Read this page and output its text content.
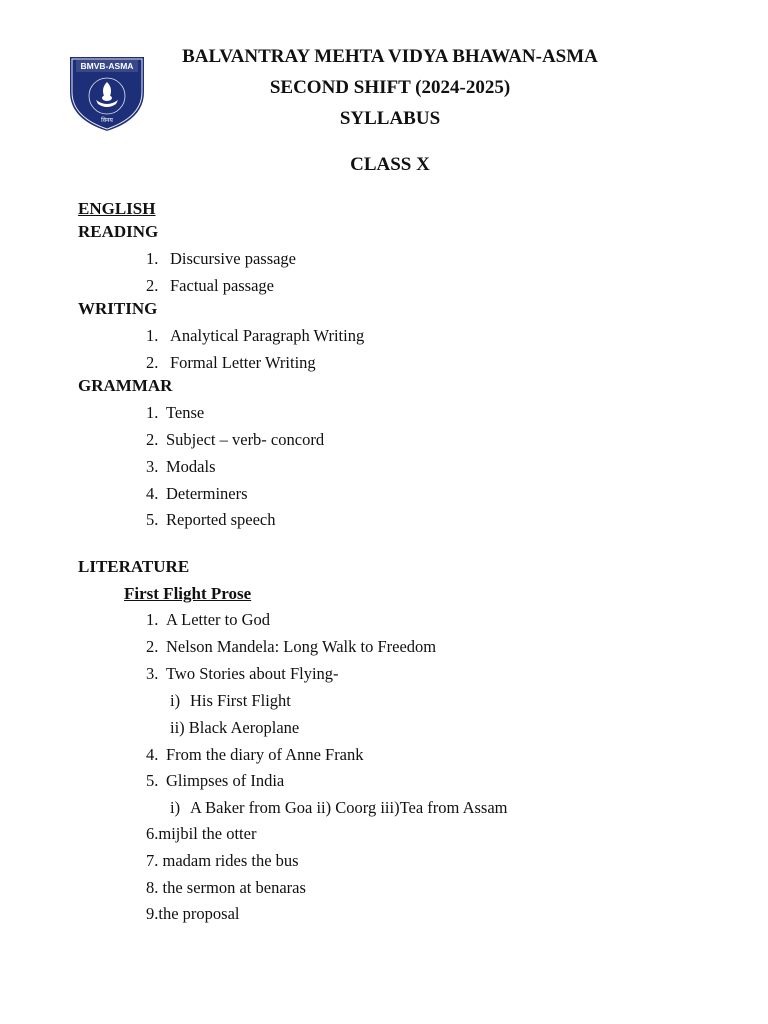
BMVB-ASMA
विनय
BALVANTRAY MEHTA VIDYA BHAWAN-ASMA
SECOND SHIFT (2024-2025)
SYLLABUS
CLASS X
ENGLISH
READING
1. Discursive passage
2. Factual passage
WRITING
1. Analytical Paragraph Writing
2. Formal Letter Writing
GRAMMAR
1. Tense
2. Subject – verb- concord
3. Modals
4. Determiners
5. Reported speech
LITERATURE
First Flight Prose
1. A Letter to God
2. Nelson Mandela: Long Walk to Freedom
3. Two Stories about Flying-
i) His First Flight
ii) Black Aeroplane
4. From the diary of Anne Frank
5. Glimpses of India
i) A Baker from Goa ii) Coorg iii)Tea from Assam
6.mijbil the otter
7. madam rides the bus
8. the sermon at benaras
9.the proposal
